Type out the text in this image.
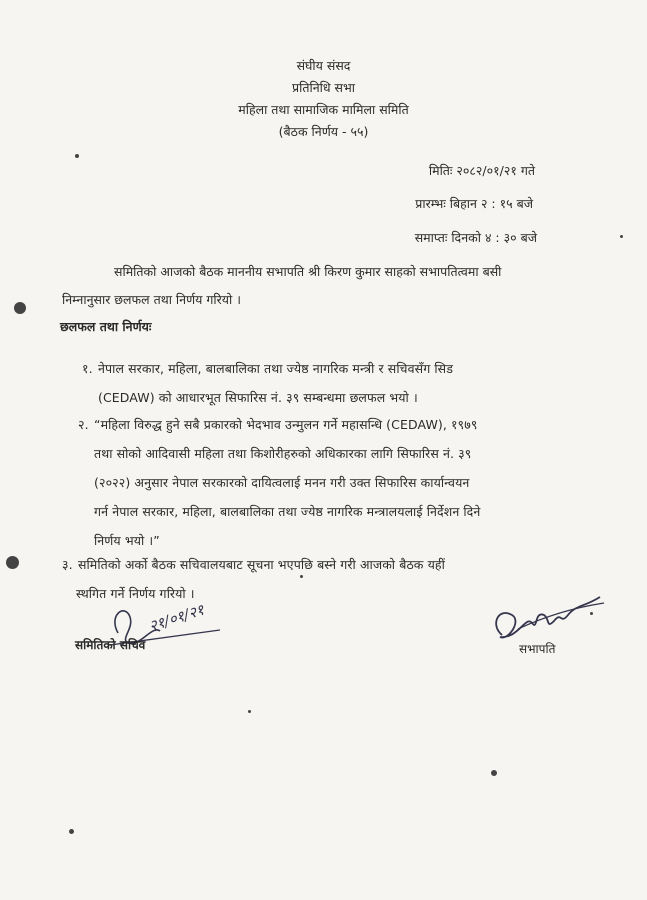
संघीय संसद
प्रतिनिधि सभा
महिला तथा सामाजिक मामिला समिति
(बैठक निर्णय - ५५)
मितिः २०८२/०१/२१ गते
प्रारम्भः बिहान २ : १५ बजे
समाप्तः दिनको ४ : ३० बजे
समितिको आजको बैठक माननीय सभापति श्री किरण कुमार साहको सभापतित्वमा बसी
निम्नानुसार छलफल तथा निर्णय गरियो ।
छलफल तथा निर्णयः
१. नेपाल सरकार, महिला, बालबालिका तथा ज्येष्ठ नागरिक मन्त्री र सचिवसँग सिड
(CEDAW) को आधारभूत सिफारिस नं. ३९ सम्बन्धमा छलफल भयो ।
२. “महिला विरुद्ध हुने सबै प्रकारको भेदभाव उन्मुलन गर्ने महासन्धि (CEDAW), १९७९
तथा सोको आदिवासी महिला तथा किशोरीहरुको अधिकारका लागि सिफारिस नं. ३९
(२०२२) अनुसार नेपाल सरकारको दायित्वलाई मनन गरी उक्त सिफारिस कार्यान्वयन
गर्न नेपाल सरकार, महिला, बालबालिका तथा ज्येष्ठ नागरिक मन्त्रालयलाई निर्देशन दिने
निर्णय भयो ।”
३. समितिको अर्को बैठक सचिवालयबाट सूचना भएपछि बस्ने गरी आजको बैठक यहीं
स्थगित गर्ने निर्णय गरियो ।
२१/०१/२१
समितिको सचिव	सभापति
